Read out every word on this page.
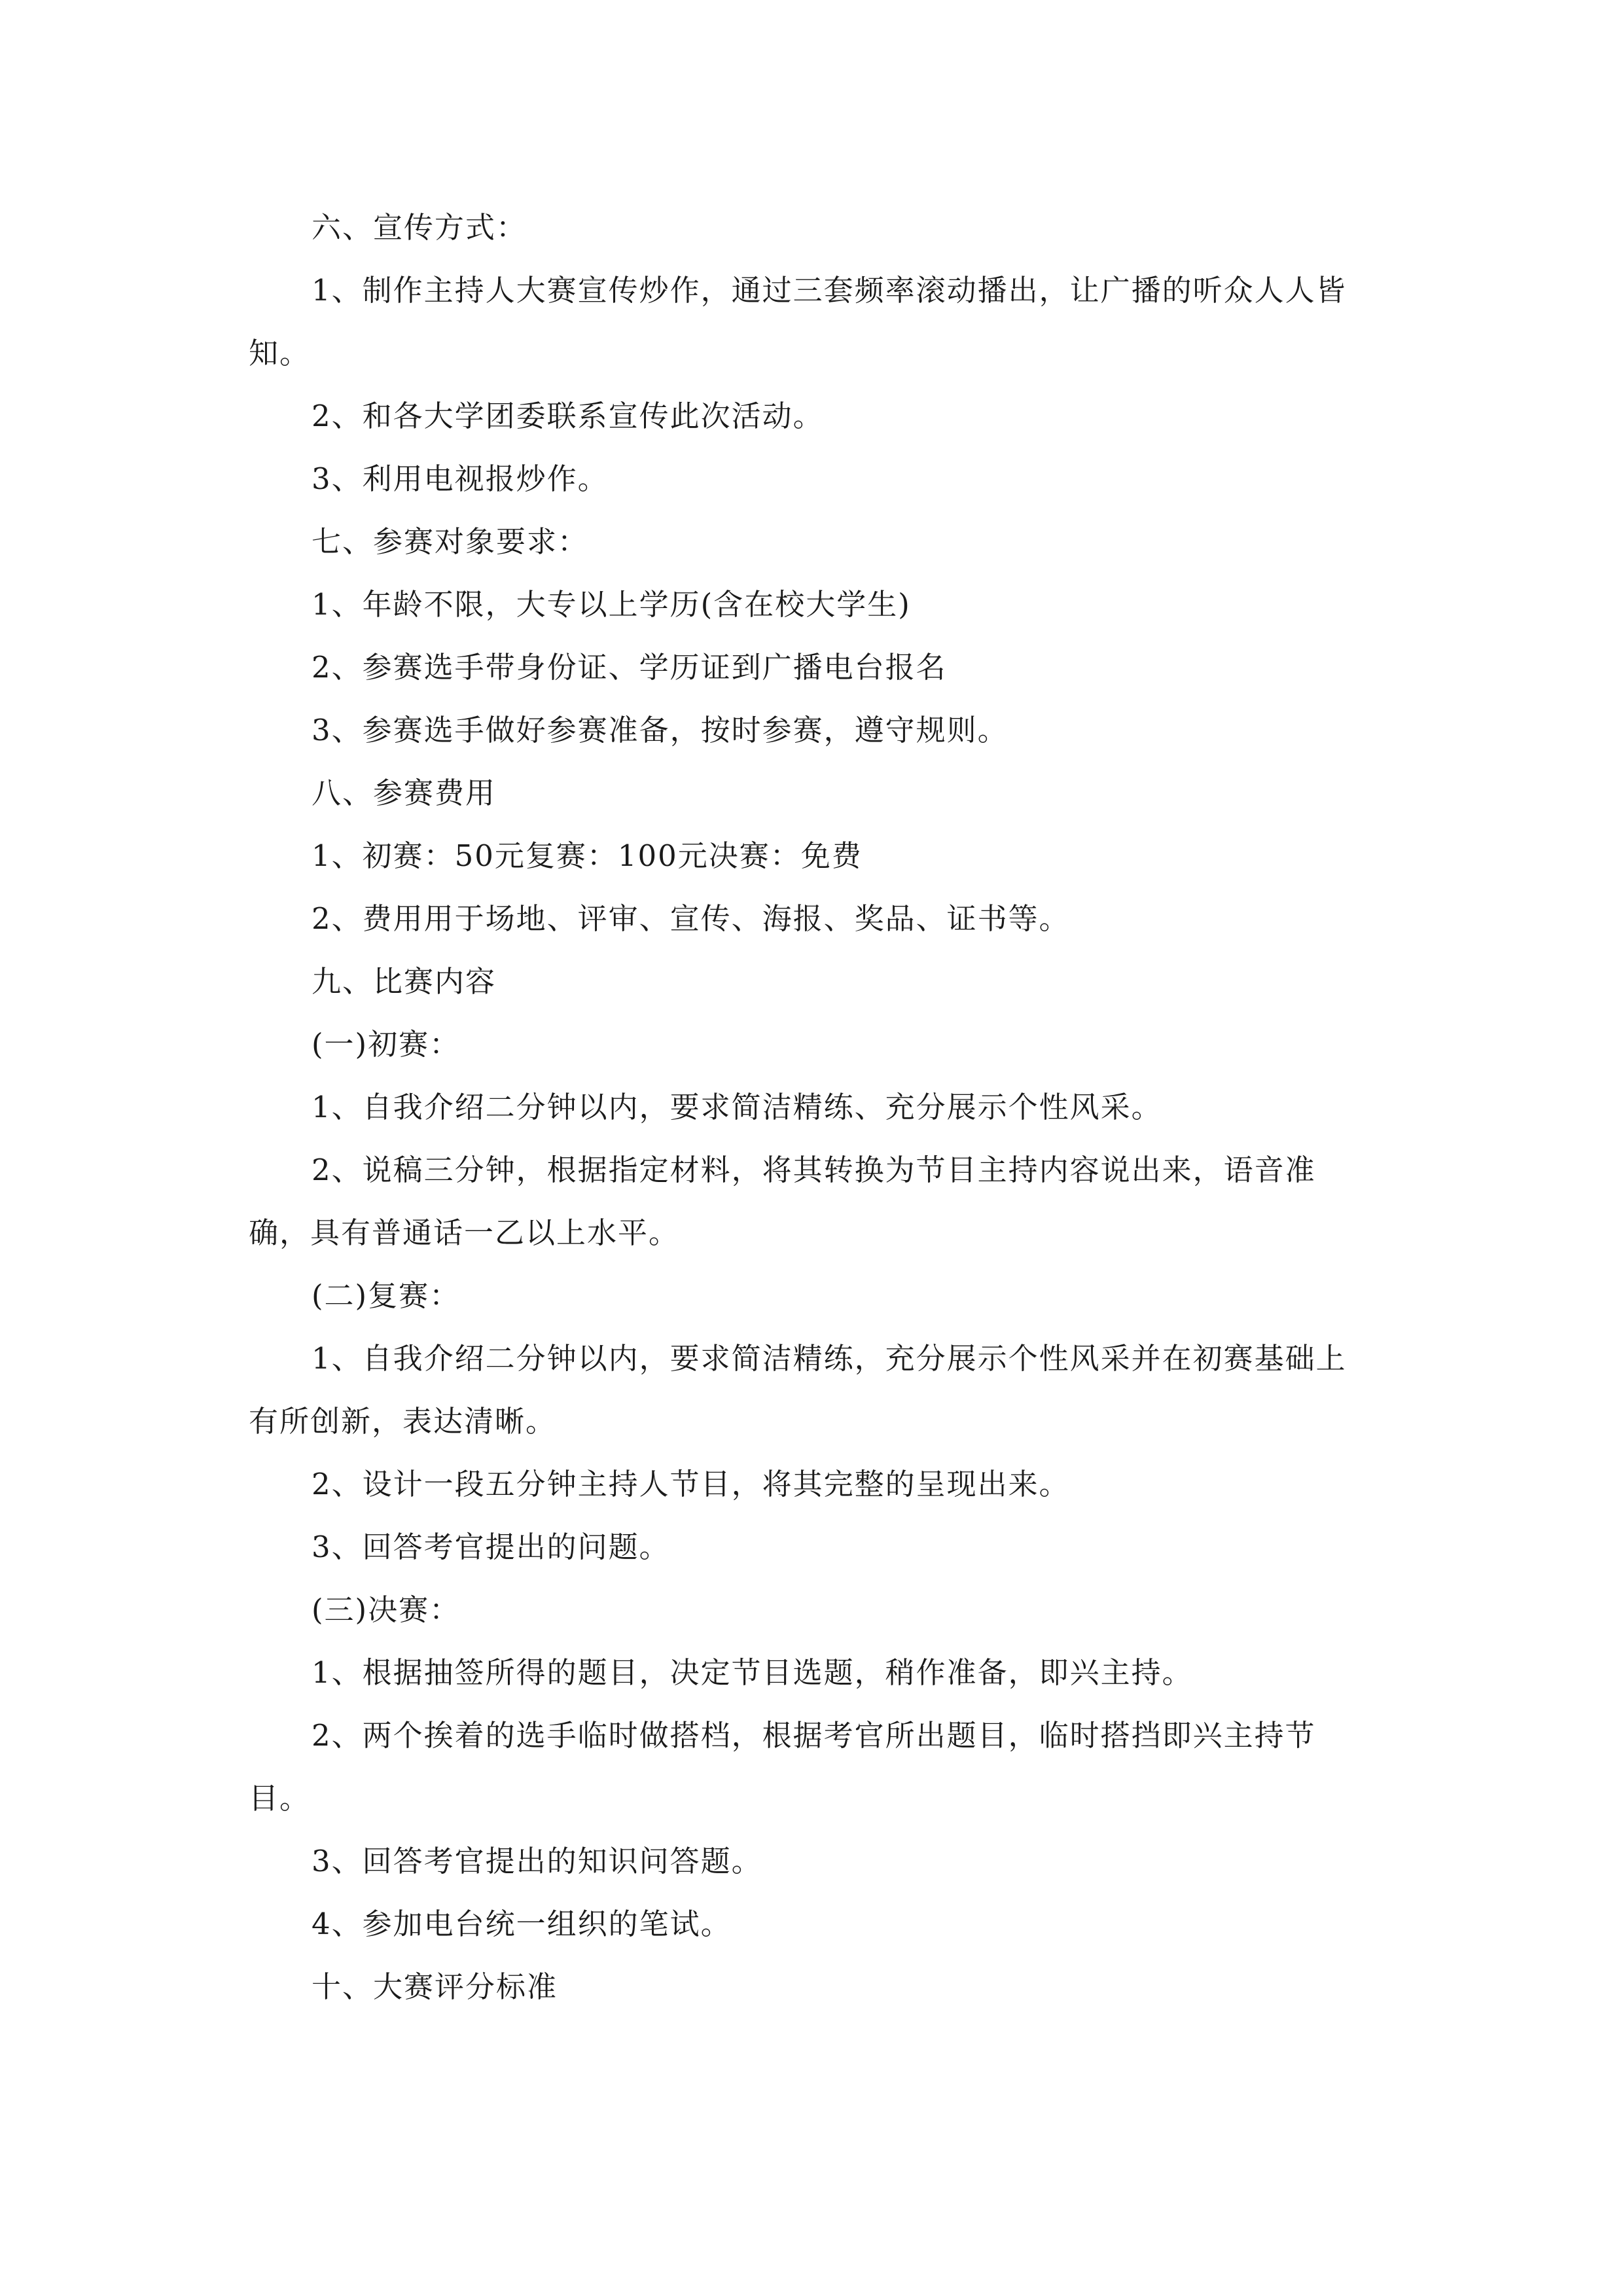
六、宣传方式：

1、制作主持人大赛宣传炒作，通过三套频率滚动播出，让广播的听众人人皆知。

2、和各大学团委联系宣传此次活动。

3、利用电视报炒作。

七、参赛对象要求：

1、年龄不限，大专以上学历(含在校大学生)

2、参赛选手带身份证、学历证到广播电台报名

3、参赛选手做好参赛准备，按时参赛，遵守规则。

八、参赛费用

1、初赛：50元复赛：100元决赛：免费

2、费用用于场地、评审、宣传、海报、奖品、证书等。

九、比赛内容

(一)初赛：

1、自我介绍二分钟以内，要求简洁精练、充分展示个性风采。

2、说稿三分钟，根据指定材料，将其转换为节目主持内容说出来，语音准确，具有普通话一乙以上水平。

(二)复赛：

1、自我介绍二分钟以内，要求简洁精练，充分展示个性风采并在初赛基础上有所创新，表达清晰。

2、设计一段五分钟主持人节目，将其完整的呈现出来。

3、回答考官提出的问题。

(三)决赛：

1、根据抽签所得的题目，决定节目选题，稍作准备，即兴主持。

2、两个挨着的选手临时做搭档，根据考官所出题目，临时搭挡即兴主持节目。

3、回答考官提出的知识问答题。

4、参加电台统一组织的笔试。

十、大赛评分标准
